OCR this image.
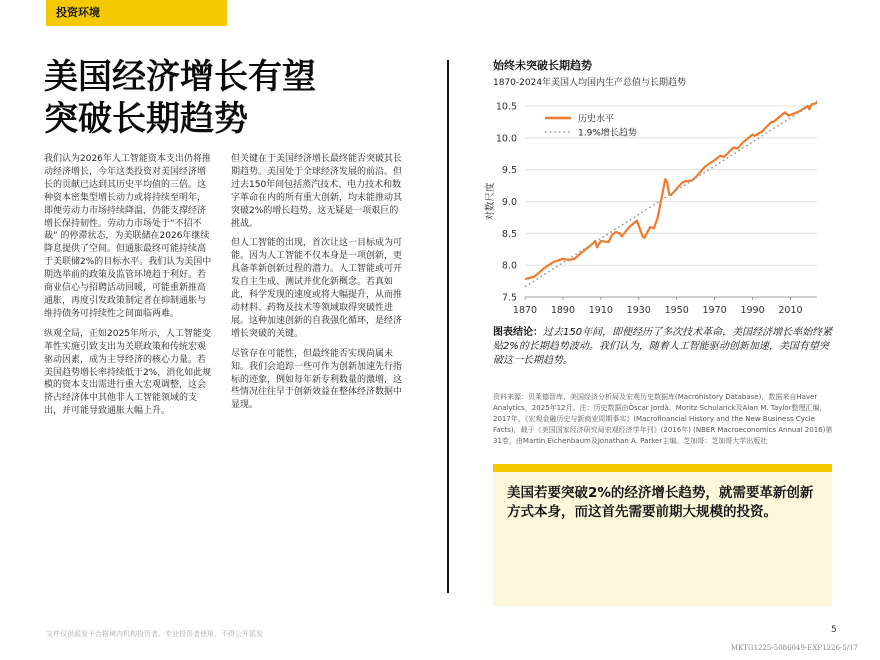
投资环境
美国经济增长有望
突破长期趋势

我们认为2026年人工智能资本支出仍将推动经济增长，今年这类投资对美国经济增长的贡献已达到其历史平均值的三倍。这种资本密集型增长动力或将持续至明年，即便劳动力市场持续降温，仍能支撑经济增长保持韧性。劳动力市场处于“不招不裁” 的停滞状态，为美联储在2026年继续降息提供了空间。但通胀最终可能持续高于美联储2%的目标水平。我们认为美国中期选举前的政策及监管环境趋于利好。若商业信心与招聘活动回暖，可能重新推高通胀，再度引发政策制定者在抑制通胀与维持债务可持续性之间面临两难。

纵观全局，正如2025年所示，人工智能变革性实施引致支出为关联政策和传统宏观驱动因素，成为主导经济的核心力量。若美国趋势增长率持续低于2%，消化如此规模的资本支出需进行重大宏观调整，这会挤占经济体中其他非人工智能领域的支出，并可能导致通胀大幅上升。

但关键在于美国经济增长最终能否突破其长期趋势。美国处于全球经济发展的前沿。但过去150年间包括蒸汽技术、电力技术和数字革命在内的所有重大创新，均未能推动其突破2%的增长趋势。这无疑是一项艰巨的挑战。

但人工智能的出现，首次让这一目标成为可能。因为人工智能不仅本身是一项创新，更具备革新创新过程的潜力。人工智能或可开发自主生成、测试并优化新概念。若真如此，科学发现的速度或将大幅提升，从而推动材料、药物及技术等领域取得突破性进展。这种加速创新的自我强化循环，是经济增长突破的关键。

尽管存在可能性，但最终能否实现尚属未知。我们会追踪一些可作为创新加速先行指标的迹象，例如每年新专利数量的激增，这些情况往往早于创新效益在整体经济数据中显现。

始终未突破长期趋势
1870-2024年美国人均国内生产总值与长期趋势
7.5
8.0
8.5
9.0
9.5
10.0
10.5
1870 1890 1910 1930 1950 1970 1990 2010
对数尺度
历史水平
1.9%增长趋势
图表结论：过去150年间，即便经历了多次技术革命，美国经济增长率始终紧贴2%的长期趋势波动。我们认为，随着人工智能驱动创新加速，美国有望突破这一长期趋势。
资料来源：贝莱德智库、美国经济分析局及宏观历史数据库(Macrohistory Database)，数据来自Haver Analytics，2025年12月。注：历史数据由Òscar Jordà、Moritz Schularick及Alan M. Taylor整理汇编，2017年。《宏观金融历史与新商业周期事实》(Macrofinancial History and the New Business Cycle Facts)，载于《美国国家经济研究局宏观经济学年刊》(2016年) (NBER Macroeconomics Annual 2016)第31卷，由Martin Eichenbaum及Jonathan A. Parker主编。芝加哥：芝加哥大学出版社
美国若要突破2%的经济增长趋势，就需要革新创新方式本身，而这首先需要前期大规模的投资。
文件仅供派发予合格境内机构投资者、专业投资者使用，不得公开派发	5
MKTG1225-5086049-EXP1226-5/17
